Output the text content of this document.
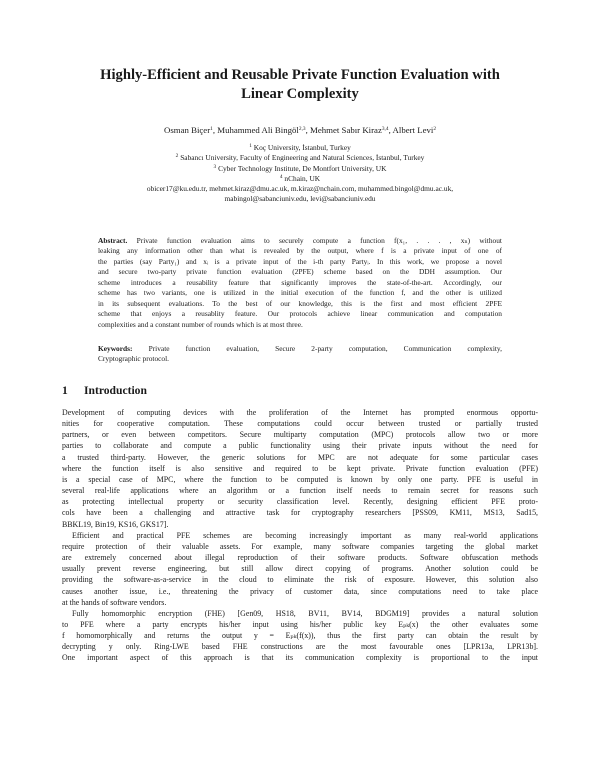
Highly-Efficient and Reusable Private Function Evaluation with
Linear Complexity
Osman Biçer$^1$, Muhammed Ali Bingöl$^{2,3}$, Mehmet Sabır Kiraz$^{3,4}$, Albert Levi$^2$
$^1$ Koç University, İstanbul, Turkey
$^2$ Sabancı University, Faculty of Engineering and Natural Sciences, İstanbul, Turkey
$^3$ Cyber Technology Institute, De Montfort University, UK
$^4$ nChain, UK
obicer17@ku.edu.tr, mehmet.kiraz@dmu.ac.uk, m.kiraz@nchain.com, muhammed.bingol@dmu.ac.uk,
mabingol@sabanciuniv.edu, levi@sabanciuniv.edu
Abstract. Private function evaluation aims to securely compute a function f(x₁, . . . , xₙ) without
leaking any information other than what is revealed by the output, where f is a private input of one of
the parties (say Party₁) and xᵢ is a private input of the i-th party Partyᵢ. In this work, we propose a novel
and secure two-party private function evaluation (2PFE) scheme based on the DDH assumption. Our
scheme introduces a reusability feature that significantly improves the state-of-the-art. Accordingly, our
scheme has two variants, one is utilized in the initial execution of the function f, and the other is utilized
in its subsequent evaluations. To the best of our knowledge, this is the first and most efficient 2PFE
scheme that enjoys a reusablity feature. Our protocols achieve linear communication and computation
complexities and a constant number of rounds which is at most three.
Keywords: Private function evaluation, Secure 2-party computation, Communication complexity,
Cryptographic protocol.
1 Introduction
Development of computing devices with the proliferation of the Internet has prompted enormous opportu-
nities for cooperative computation. These computations could occur between trusted or partially trusted
partners, or even between competitors. Secure multiparty computation (MPC) protocols allow two or more
parties to collaborate and compute a public functionality using their private inputs without the need for
a trusted third-party. However, the generic solutions for MPC are not adequate for some particular cases
where the function itself is also sensitive and required to be kept private. Private function evaluation (PFE)
is a special case of MPC, where the function to be computed is known by only one party. PFE is useful in
several real-life applications where an algorithm or a function itself needs to remain secret for reasons such
as protecting intellectual property or security classification level. Recently, designing efficient PFE proto-
cols have been a challenging and attractive task for cryptography researchers [PSS09, KM11, MS13, Sad15,
BBKL19, Bin19, KS16, GKS17].
Efficient and practical PFE schemes are becoming increasingly important as many real-world applications
require protection of their valuable assets. For example, many software companies targeting the global market
are extremely concerned about illegal reproduction of their software products. Software obfuscation methods
usually prevent reverse engineering, but still allow direct copying of programs. Another solution could be
providing the software-as-a-service in the cloud to eliminate the risk of exposure. However, this solution also
causes another issue, i.e., threatening the privacy of customer data, since computations need to take place
at the hands of software vendors.
Fully homomorphic encryption (FHE) [Gen09, HS18, BV11, BV14, BDGM19] provides a natural solution
to PFE where a party encrypts his/her input using his/her public key Eₚₖ(x) the other evaluates some
f homomorphically and returns the output y = Eₚₖ(f(x)), thus the first party can obtain the result by
decrypting y only. Ring-LWE based FHE constructions are the most favourable ones [LPR13a, LPR13b].
One important aspect of this approach is that its communication complexity is proportional to the input
